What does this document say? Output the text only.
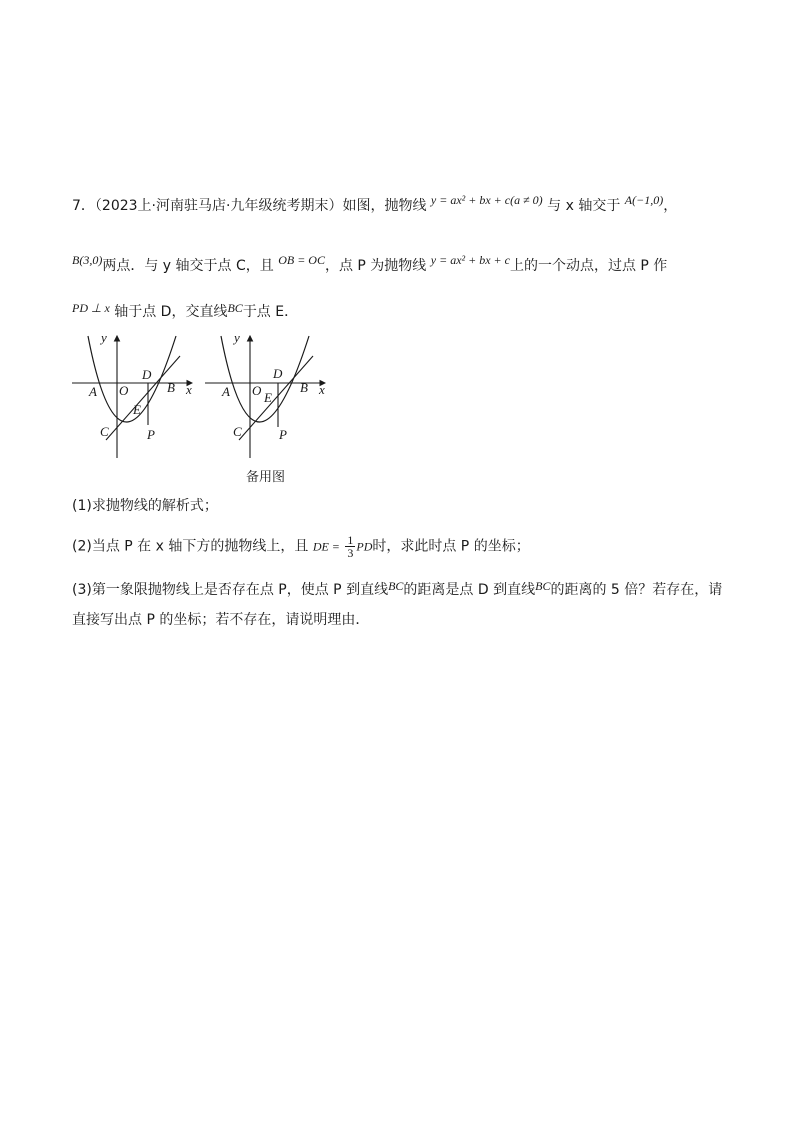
7．（2023上·河南驻马店·九年级统考期末）如图，抛物线 y = ax² + bx + c(a ≠ 0) 与 x 轴交于 A(−1,0)，
B(3,0)两点．与 y 轴交于点 C，且 OB = OC，点 P 为抛物线 y = ax² + bx + c上的一个动点，过点 P 作
PD ⊥ x 轴于点 D，交直线BC于点 E．
y
x
A O
D
B
E
C	P
y
x
A O
D
B
E
C	P
备用图
(1)求抛物线的解析式；
(2)当点 P 在 x 轴下方的抛物线上，且 DE = $\frac{1}{3}$ PD时，求此时点 P 的坐标；
(3)第一象限抛物线上是否存在点 P，使点 P 到直线BC的距离是点 D 到直线BC的距离的 5 倍？若存在，请
直接写出点 P 的坐标；若不存在，请说明理由．
